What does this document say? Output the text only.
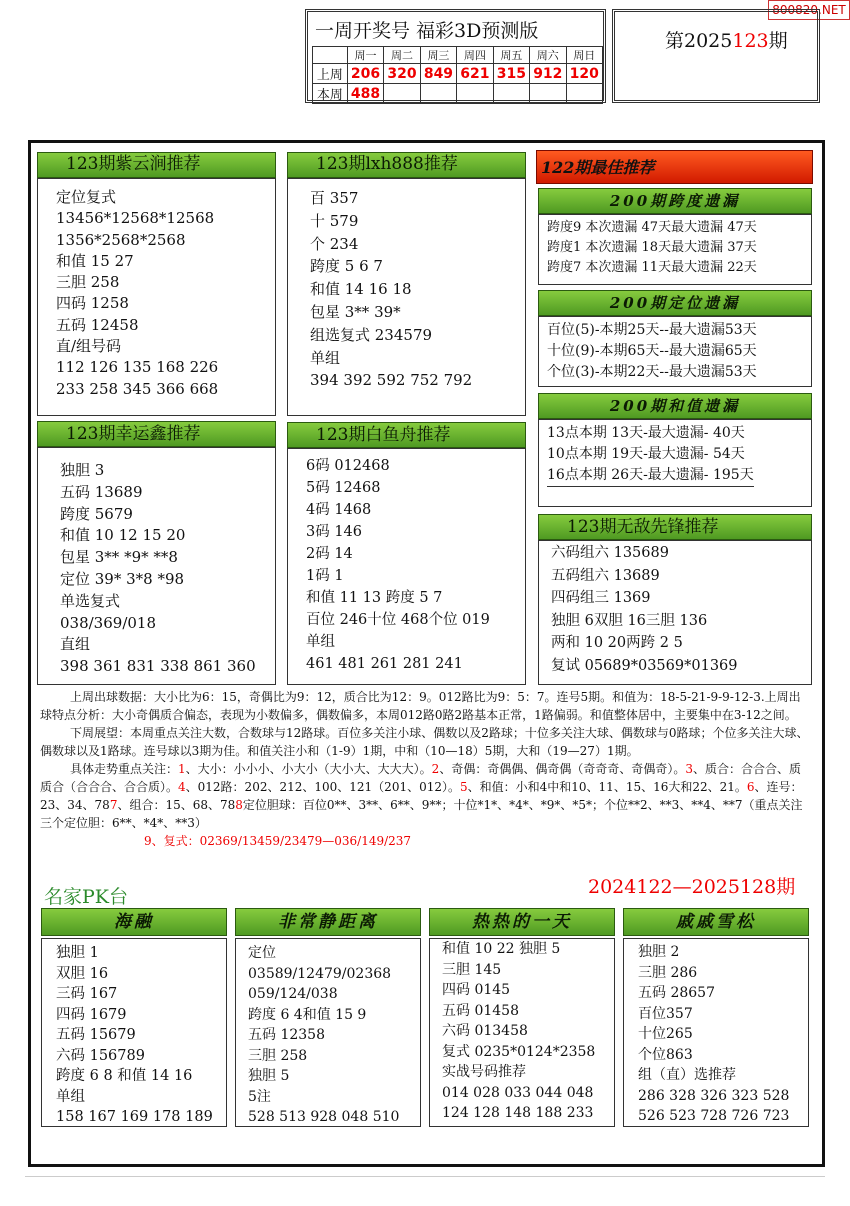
800820.NET
一周开奖号 福彩3D预测版
	周一	周二	周三	周四	周五	周六	周日
上周	206	320	849	621	315	912	120
本周	488						
第2025123期
123期紫云涧推荐
定位复式
13456*12568*12568
1356*2568*2568
和值 15 27
三胆 258
四码 1258
五码 12458
直/组号码
112 126 135 168 226
233 258 345 366 668
123期lxh888推荐
百 357
十 579
个 234
跨度 5 6 7
和值 14 16 18
包星 3** 39*
组选复式 234579
单组
394 392 592 752 792
122期最佳推荐
200期跨度遗漏
跨度9 本次遗漏 47天最大遗漏 47天
跨度1 本次遗漏 18天最大遗漏 37天
跨度7 本次遗漏 11天最大遗漏 22天
200期定位遗漏
百位(5)-本期25天--最大遗漏53天
十位(9)-本期65天--最大遗漏65天
个位(3)-本期22天--最大遗漏53天
200期和值遗漏
13点本期 13天-最大遗漏- 40天
10点本期 19天-最大遗漏- 54天
16点本期 26天-最大遗漏- 195天
123期幸运鑫推荐
独胆 3
五码 13689
跨度 5679
和值 10 12 15 20
包星 3** *9* **8
定位 39* 3*8 *98
单选复式
038/369/018
直组
398 361 831 338 861 360
123期白鱼舟推荐
6码 012468
5码 12468
4码 1468
3码 146
2码 14
1码 1
和值 11 13 跨度 5 7
百位 246十位 468个位 019
单组
461 481 261 281 241
123期无敌先锋推荐
六码组六 135689
五码组六 13689
四码组三 1369
独胆 6双胆 16三胆 136
两和 10 20两跨 2 5
复试 05689*03569*01369

上周出球数据：大小比为6：15，奇偶比为9：12，质合比为12：9。012路比为9：5：7。连号5期。和值为：18-5-21-9-9-12-3.上周出球特点分析：大小奇偶质合偏态，表现为小数偏多，偶数偏多，本周012路0路2路基本正常，1路偏弱。和值整体居中，主要集中在3-12之间。

下周展望：本周重点关注大数，合数球与12路球。百位多关注小球、偶数以及2路球；十位多关注大球、偶数球与0路球；个位多关注大球、偶数球以及1路球。连号球以3期为佳。和值关注小和（1-9）1期，中和（10—18）5期，大和（19—27）1期。

具体走势重点关注：1、大小：小小小、小大小（大小大、大大大）。2、奇偶：奇偶偶、偶奇偶（奇奇奇、奇偶奇）。3、质合：合合合、质质合（合合合、合合质）。4、012路：202、212、100、121（201、012）。5、和值：小和4中和10、11、15、16大和22、21。6、连号：23、34、787、组合：15、68、788定位胆球：百位0**、3**、6**、9**；十位*1*、*4*、*9*、*5*；个位**2、**3、**4、**7（重点关注三个定位胆：6**、*4*、**3）

9、复式：02369/13459/23479—036/149/237

名家PK台	2024122—2025128期
海融
独胆 1
双胆 16
三码 167
四码 1679
五码 15679
六码 156789
跨度 6 8 和值 14 16
单组
158 167 169 178 189
非常静距离
定位
03589/12479/02368
059/124/038
跨度 6 4和值 15 9
五码 12358
三胆 258
独胆 5
5注
528 513 928 048 510
热热的一天
和值 10 22 独胆 5
三胆 145
四码 0145
五码 01458
六码 013458
复式 0235*0124*2358
实战号码推荐
014 028 033 044 048
124 128 148 188 233
戚戚雪松
独胆 2
三胆 286
五码 28657
百位357
十位265
个位863
组（直）选推荐
286 328 326 323 528
526 523 728 726 723
